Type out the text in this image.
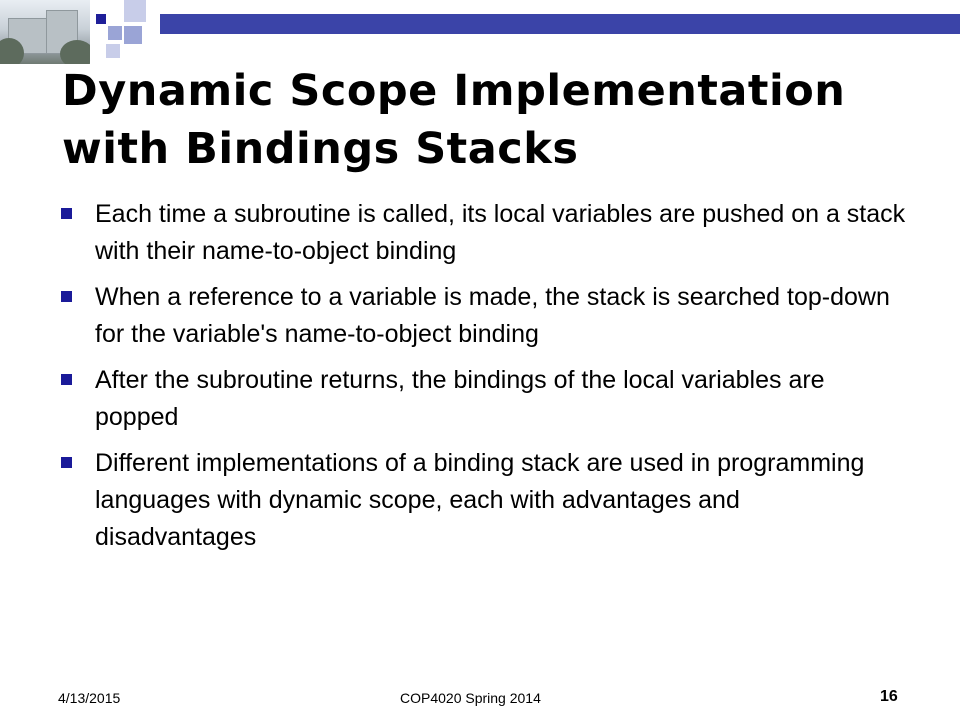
Dynamic Scope Implementation
with Bindings Stacks
Each time a subroutine is called, its local variables are pushed on a stack with their name-to-object binding
When a reference to a variable is made, the stack is searched top-down for the variable's name-to-object binding
After the subroutine returns, the bindings of the local variables are popped
Different implementations of a binding stack are used in programming languages with dynamic scope, each with advantages and disadvantages
4/13/2015	COP4020 Spring 2014	16
